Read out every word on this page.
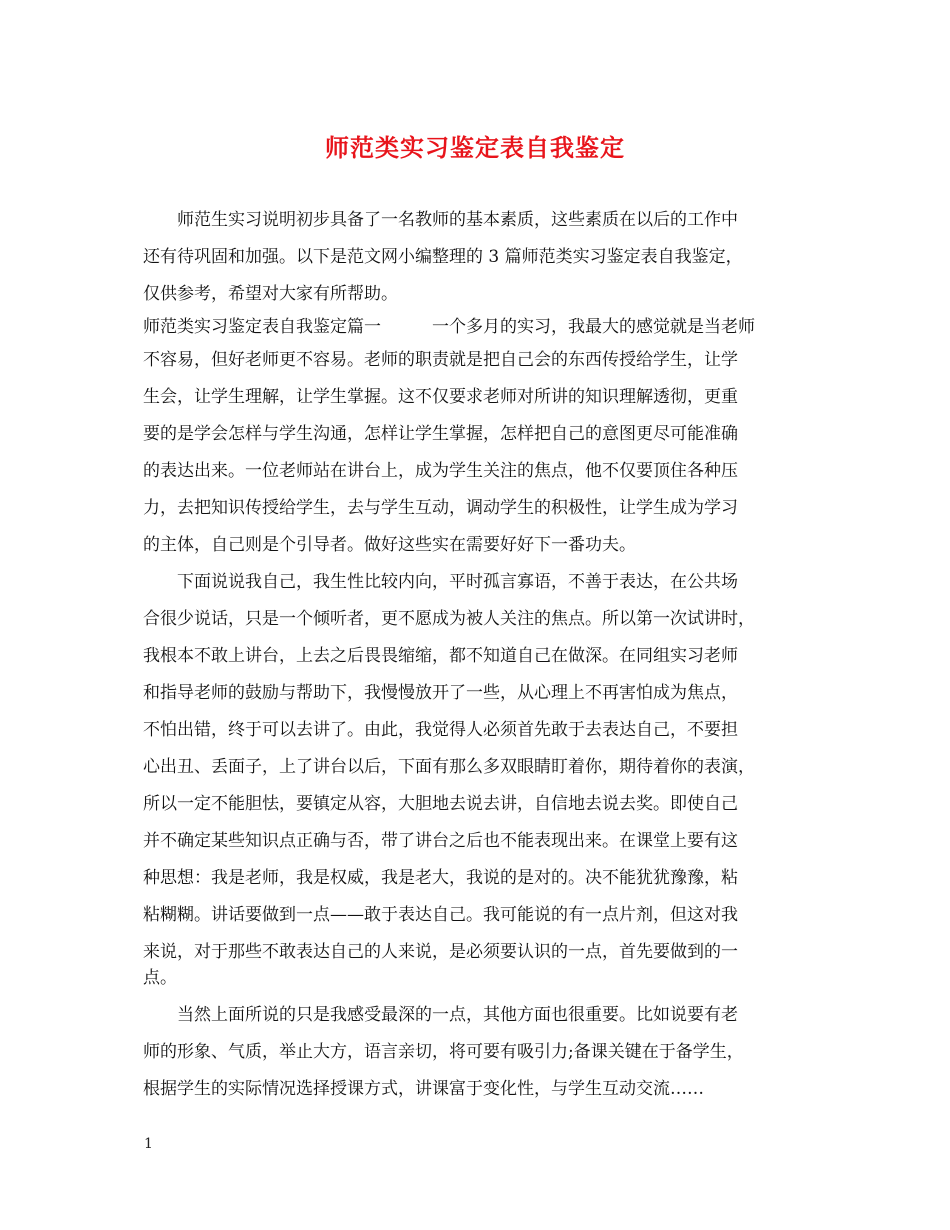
师范类实习鉴定表自我鉴定

　　师范生实习说明初步具备了一名教师的基本素质，这些素质在以后的工作中

还有待巩固和加强。以下是范文网小编整理的 3 篇师范类实习鉴定表自我鉴定，

仅供参考，希望对大家有所帮助。

师范类实习鉴定表自我鉴定篇一　　　一个多月的实习，我最大的感觉就是当老师

不容易，但好老师更不容易。老师的职责就是把自己会的东西传授给学生，让学

生会，让学生理解，让学生掌握。这不仅要求老师对所讲的知识理解透彻，更重

要的是学会怎样与学生沟通，怎样让学生掌握，怎样把自己的意图更尽可能准确

的表达出来。一位老师站在讲台上，成为学生关注的焦点，他不仅要顶住各种压

力，去把知识传授给学生，去与学生互动，调动学生的积极性，让学生成为学习

的主体，自己则是个引导者。做好这些实在需要好好下一番功夫。

　　下面说说我自己，我生性比较内向，平时孤言寡语，不善于表达，在公共场

合很少说话，只是一个倾听者，更不愿成为被人关注的焦点。所以第一次试讲时，

我根本不敢上讲台，上去之后畏畏缩缩，都不知道自己在做深。在同组实习老师

和指导老师的鼓励与帮助下，我慢慢放开了一些，从心理上不再害怕成为焦点，

不怕出错，终于可以去讲了。由此，我觉得人必须首先敢于去表达自己，不要担

心出丑、丢面子，上了讲台以后，下面有那么多双眼睛盯着你，期待着你的表演，

所以一定不能胆怯，要镇定从容，大胆地去说去讲，自信地去说去奖。即使自己

并不确定某些知识点正确与否，带了讲台之后也不能表现出来。在课堂上要有这

种思想：我是老师，我是权威，我是老大，我说的是对的。决不能犹犹豫豫，粘

粘糊糊。讲话要做到一点——敢于表达自己。我可能说的有一点片剂，但这对我

来说，对于那些不敢表达自己的人来说，是必须要认识的一点，首先要做到的一

点。

　　当然上面所说的只是我感受最深的一点，其他方面也很重要。比如说要有老

师的形象、气质，举止大方，语言亲切，将可要有吸引力;备课关键在于备学生，

根据学生的实际情况选择授课方式，讲课富于变化性，与学生互动交流……

1
